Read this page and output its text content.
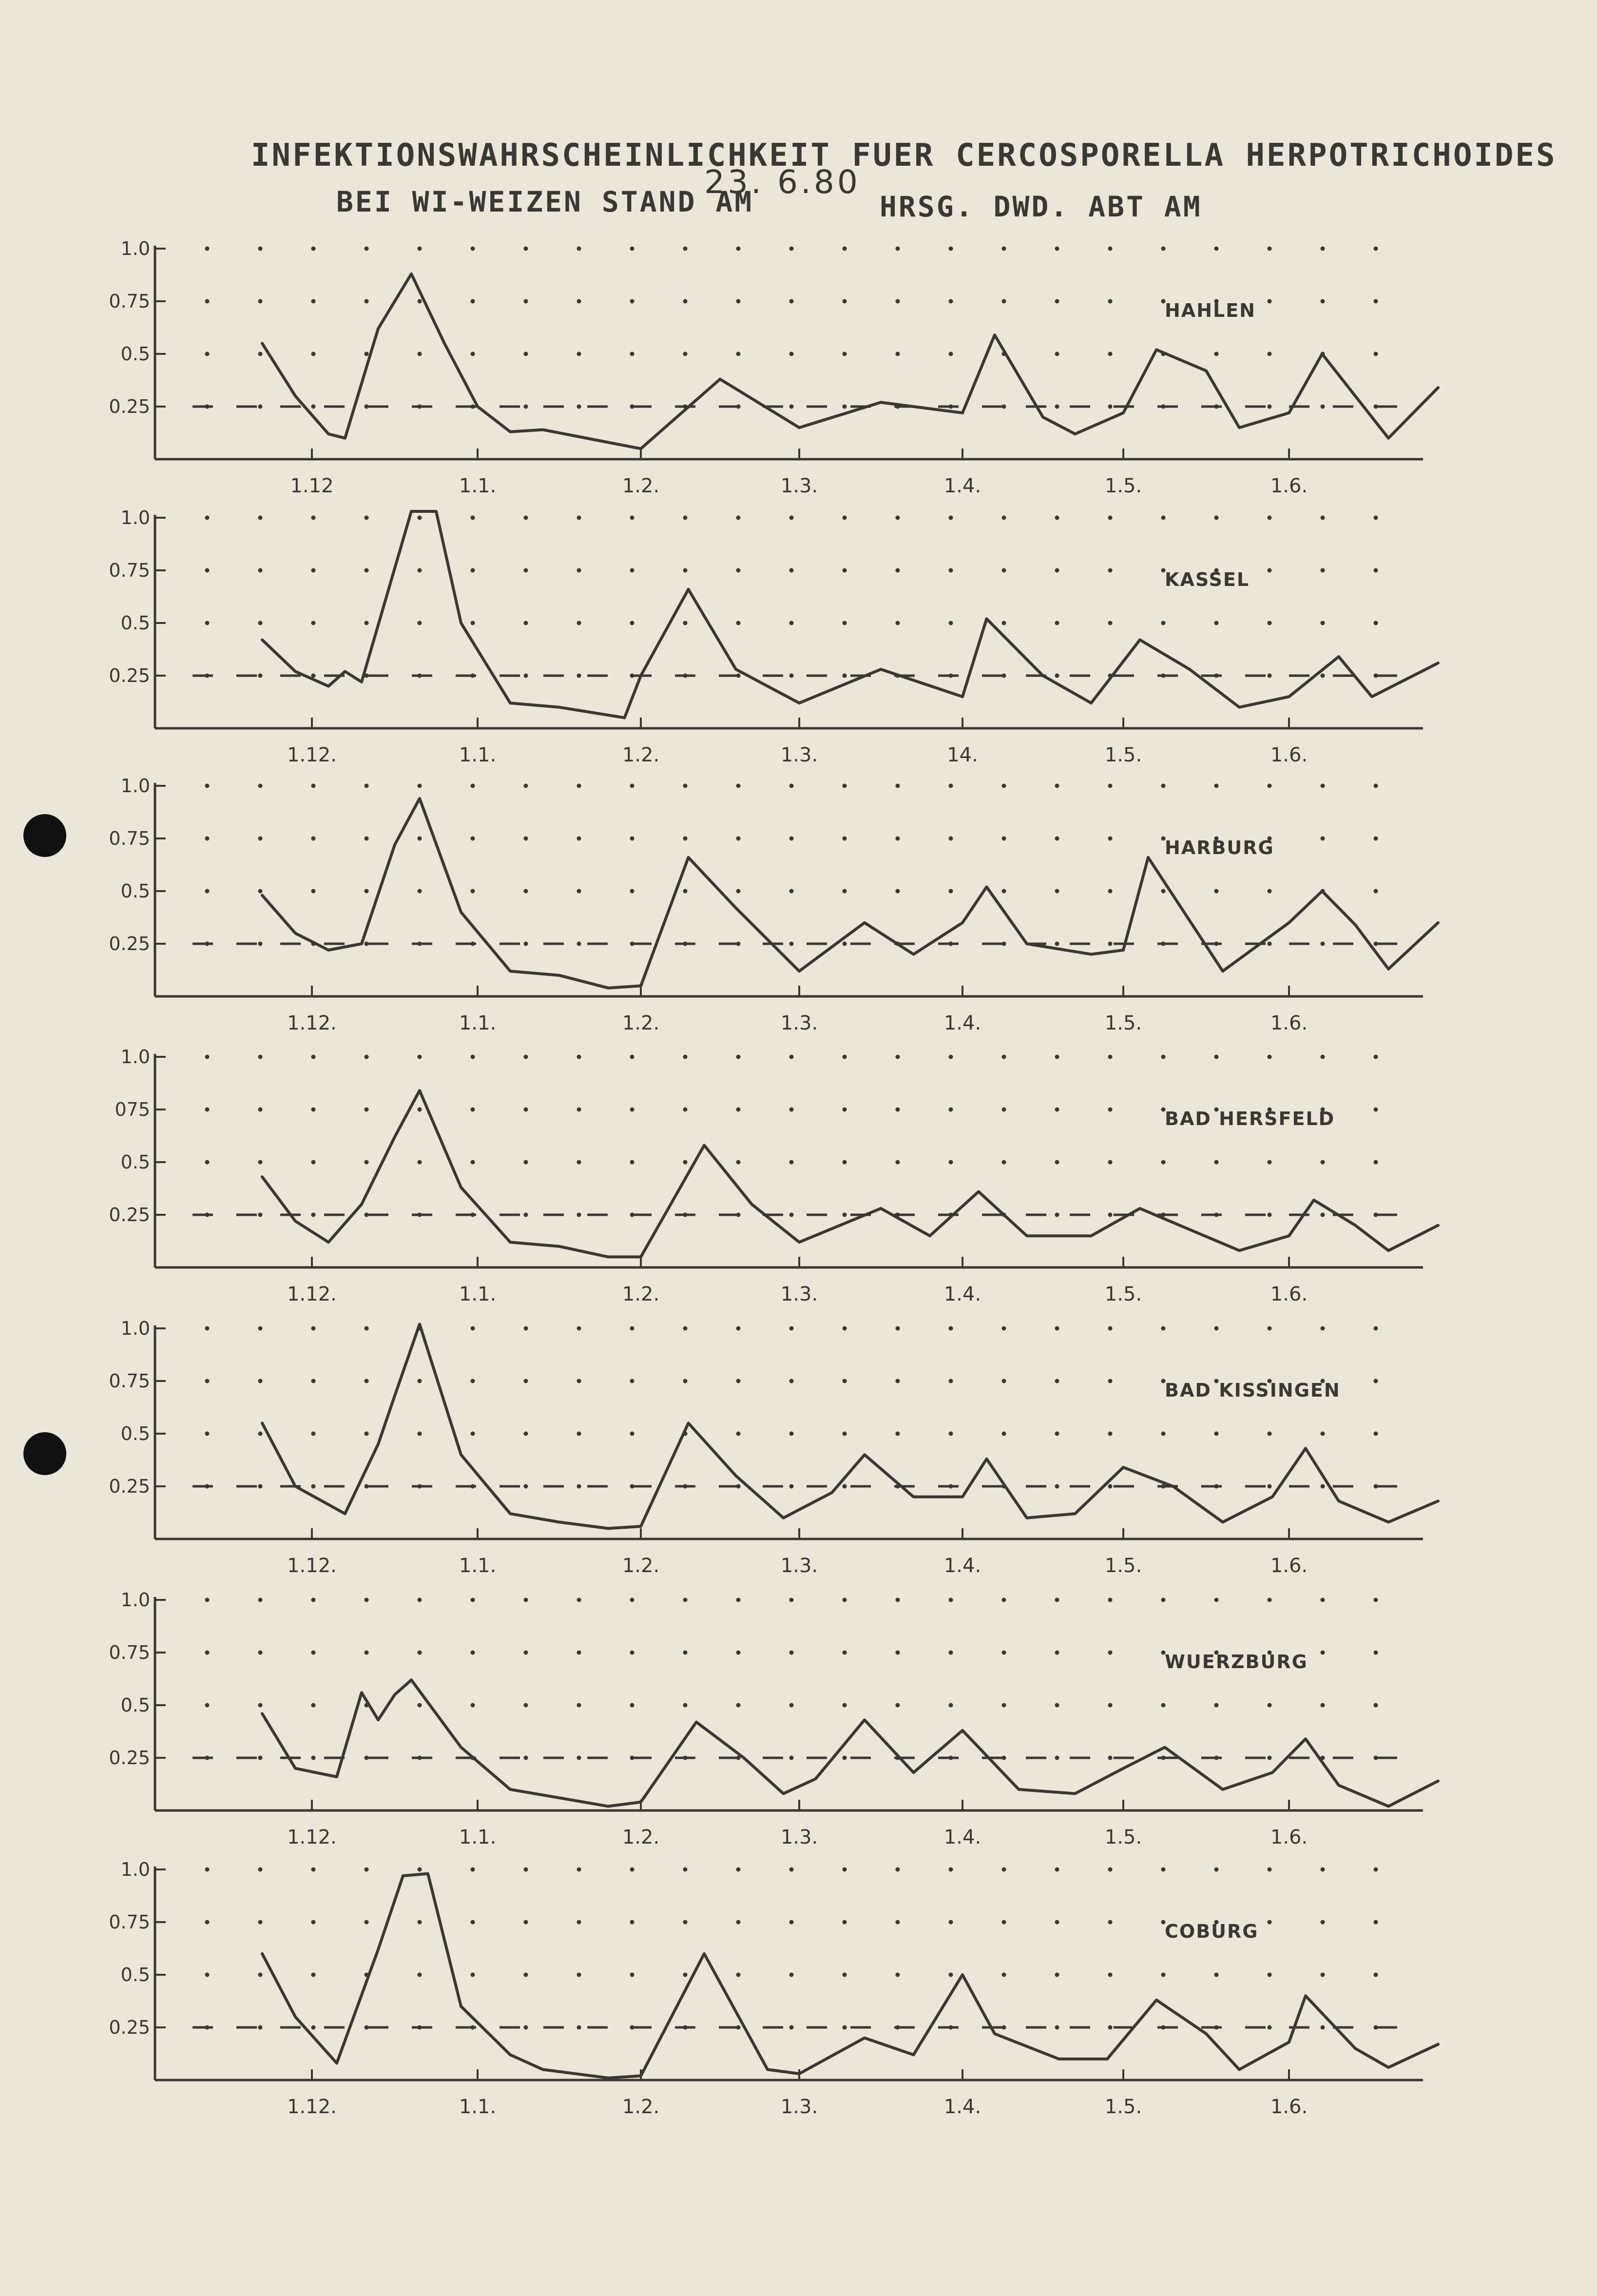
INFEKTIONSWAHRSCHEINLICHKEIT FUER CERCOSPORELLA HERPOTRICHOIDES

BEI WI-WEIZEN STAND AM

23. 6.80

HRSG. DWD. ABT AM

1.0
0.75
0.5
0.25
1.12	1.1.	1.2.	1.3.	1.4.	1.5.	1.6.
HAHLEN
1.0
0.75
0.5
0.25
1.12.	1.1.	1.2.	1.3.	14.	1.5.	1.6.
KASSEL
1.0
0.75
0.5
0.25
1.12.	1.1.	1.2.	1.3.	1.4.	1.5.	1.6.
HARBURG
1.0
075
0.5
0.25
1.12.	1.1.	1.2.	1.3.	1.4.	1.5.	1.6.
BAD HERSFELD
1.0
0.75
0.5
0.25
1.12.	1.1.	1.2.	1.3.	1.4.	1.5.	1.6.
BAD KISSINGEN
1.0
0.75
0.5
0.25
1.12.	1.1.	1.2.	1.3.	1.4.	1.5.	1.6.
WUERZBURG
1.0
0.75
0.5
0.25
1.12.	1.1.	1.2.	1.3.	1.4.	1.5.	1.6.
COBURG
